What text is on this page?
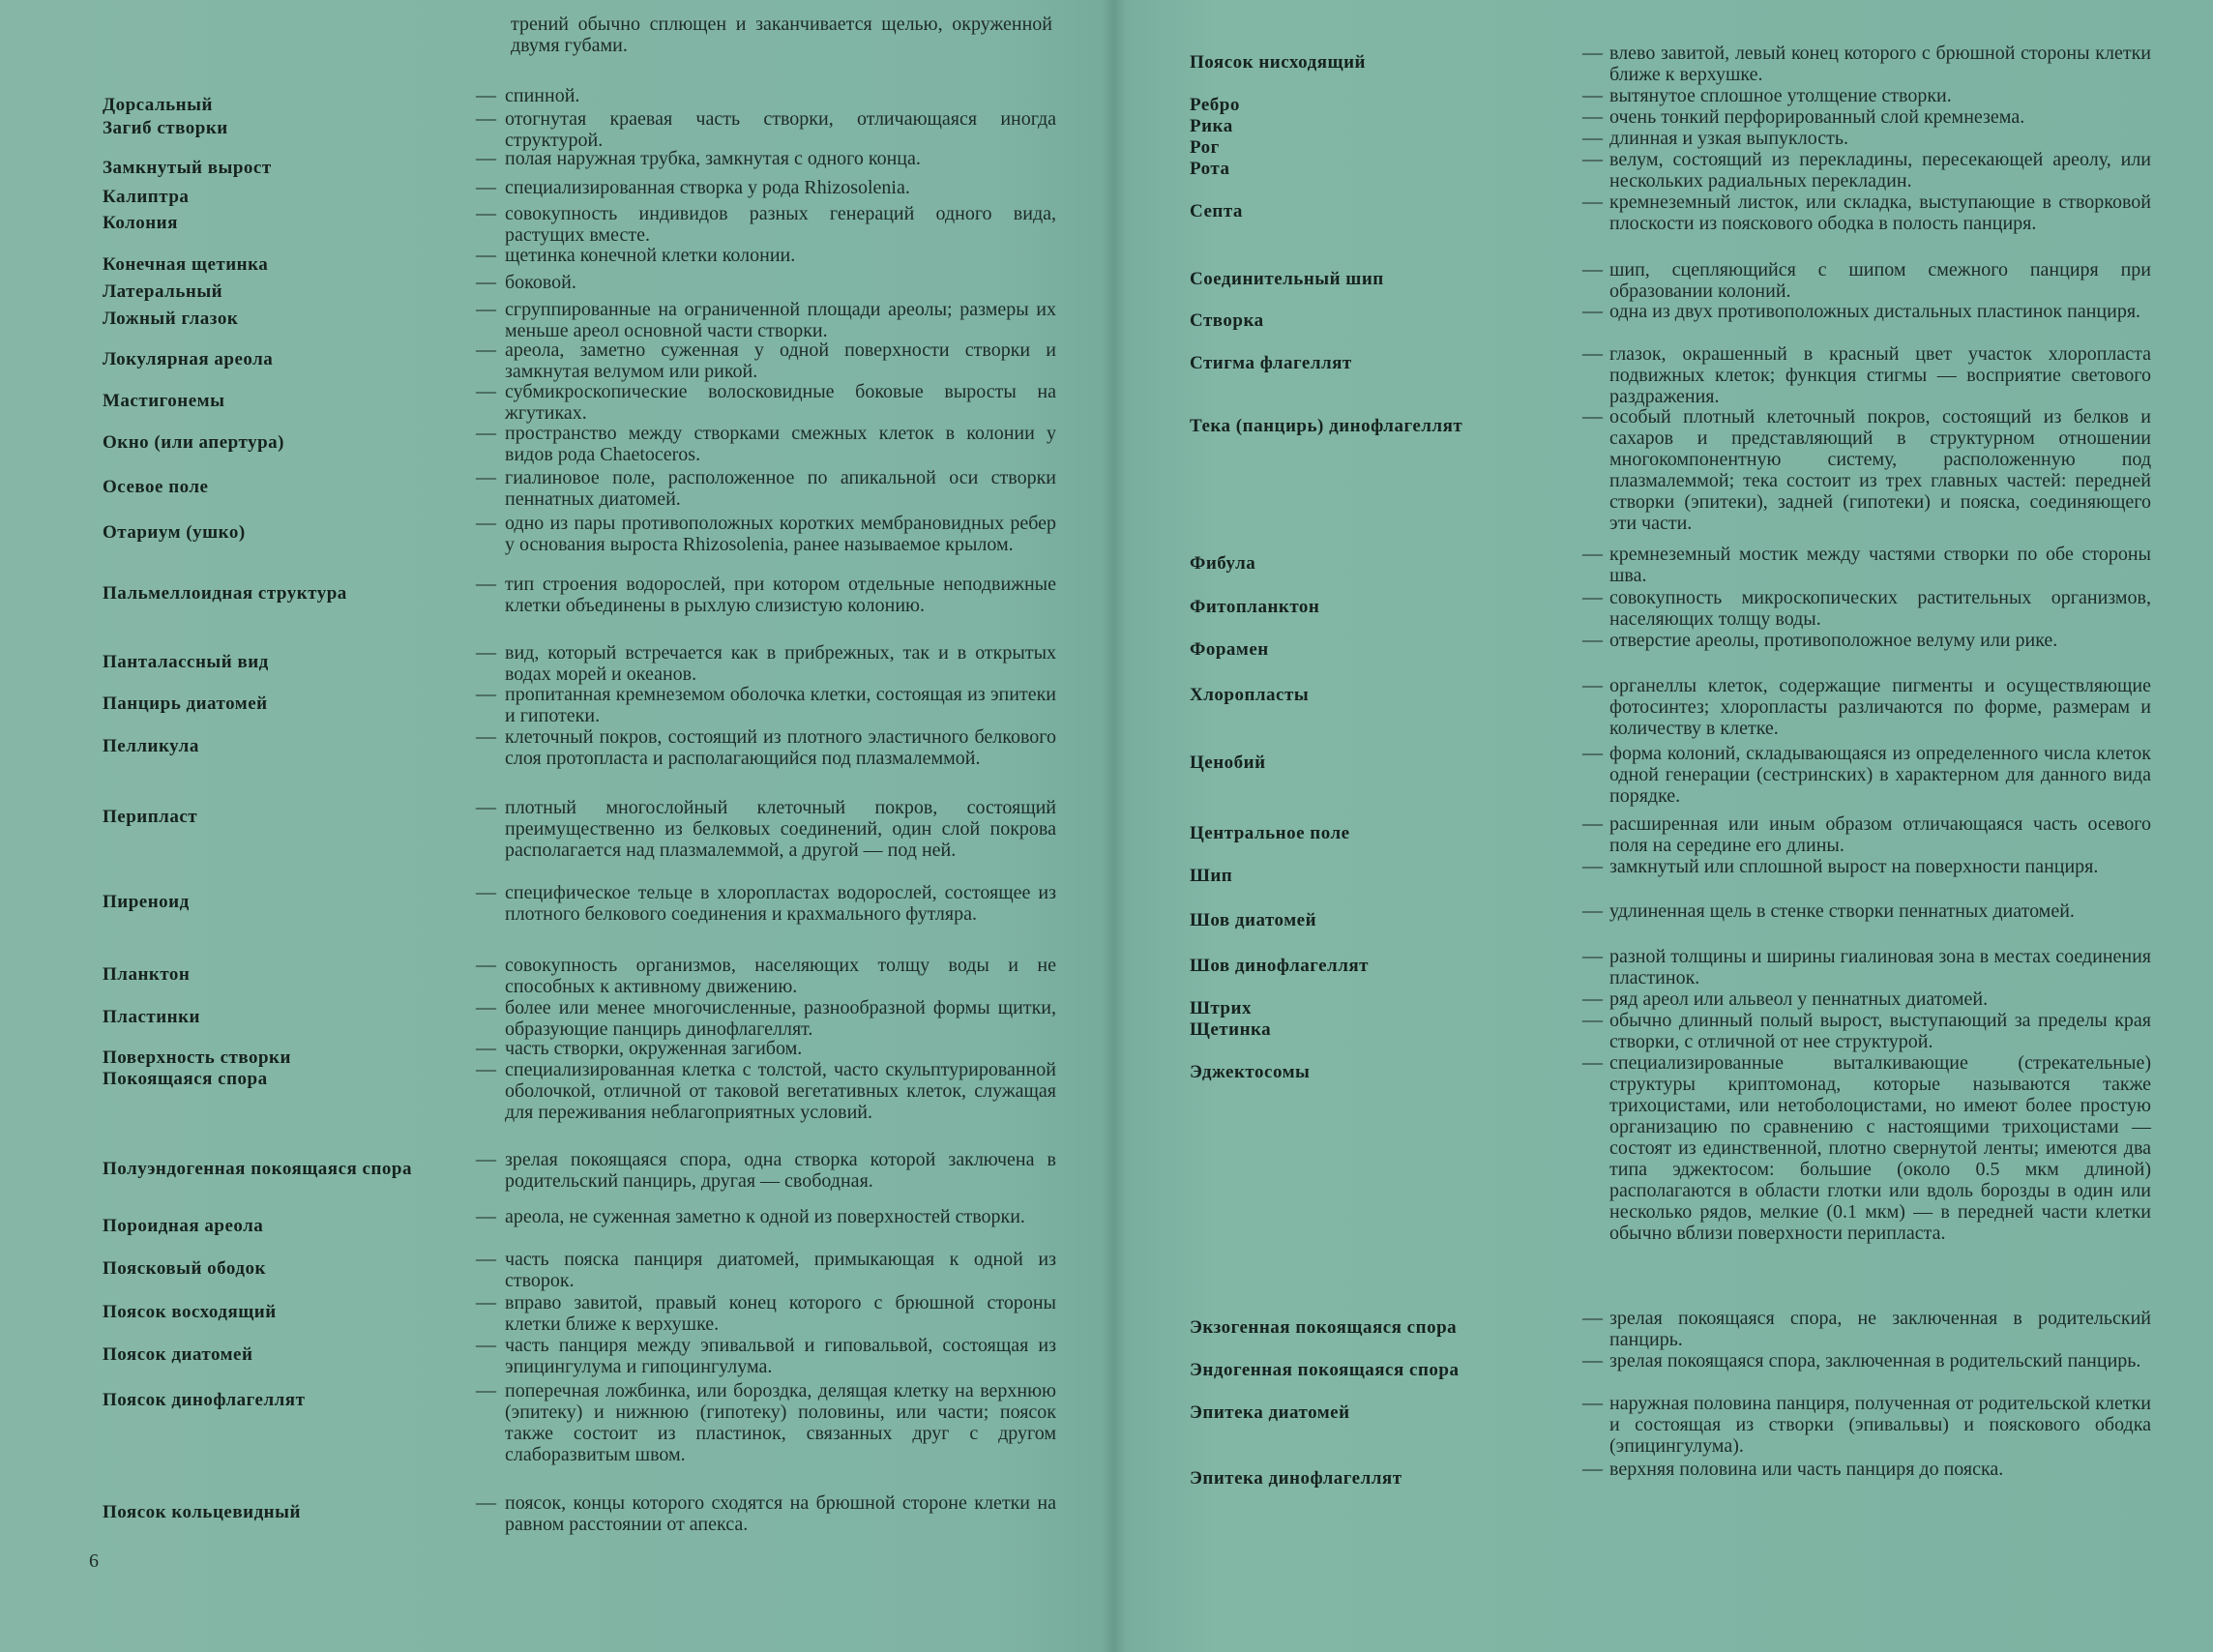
трений обычно сплющен и заканчивается щелью, окруженной двумя губами.
Дорсальный	— спинной.
Загиб створки	— отогнутая краевая часть створки, отличающаяся иногда структурой.
Замкнутый вырост	— полая наружная трубка, замкнутая с одного конца.
Калиптра	— специализированная створка у рода Rhizosolenia.
Колония	— совокупность индивидов разных генераций одного вида, растущих вместе.
Конечная щетинка	— щетинка конечной клетки колонии.
Латеральный	— боковой.
Ложный глазок	— сгруппированные на ограниченной площади ареолы; размеры их меньше ареол основной части створки.
Локулярная ареола	— ареола, заметно суженная у одной поверхности створки и замкнутая велумом или рикой.
Мастигонемы	— субмикроскопические волосковидные боковые выросты на жгутиках.
Окно (или апертура)	— пространство между створками смежных клеток в колонии у видов рода Chaetoceros.
Осевое поле	— гиалиновое поле, расположенное по апикальной оси створки пеннатных диатомей.
Отариум (ушко)	— одно из пары противоположных коротких мембрановидных ребер у основания выроста Rhizosolenia, ранее называемое крылом.
Пальмеллоидная структура	— тип строения водорослей, при котором отдельные неподвижные клетки объединены в рыхлую слизистую колонию.
Панталассный вид	— вид, который встречается как в прибрежных, так и в открытых водах морей и океанов.
Панцирь диатомей	— пропитанная кремнеземом оболочка клетки, состоящая из эпитеки и гипотеки.
Пелликула	— клеточный покров, состоящий из плотного эластичного белкового слоя протопласта и располагающийся под плазмалеммой.
Перипласт	— плотный многослойный клеточный покров, состоящий преимущественно из белковых соединений, один слой покрова располагается над плазмалеммой, а другой — под ней.
Пиреноид	— специфическое тельце в хлоропластах водорослей, состоящее из плотного белкового соединения и крахмального футляра.
Планктон	— совокупность организмов, населяющих толщу воды и не способных к активному движению.
Пластинки	— более или менее многочисленные, разнообразной формы щитки, образующие панцирь динофлагеллят.
Поверхность створки	— часть створки, окруженная загибом.
Покоящаяся спора	— специализированная клетка с толстой, часто скульптурированной оболочкой, отличной от таковой вегетативных клеток, служащая для переживания неблагоприятных условий.
Полуэндогенная покоящаяся спора	— зрелая покоящаяся спора, одна створка которой заключена в родительский панцирь, другая — свободная.
Пороидная ареола	— ареола, не суженная заметно к одной из поверхностей створки.
Поясковый ободок	— часть пояска панциря диатомей, примыкающая к одной из створок.
Поясок восходящий	— вправо завитой, правый конец которого с брюшной стороны клетки ближе к верхушке.
Поясок диатомей	— часть панциря между эпивальвой и гиповальвой, состоящая из эпицингулума и гипоцингулума.
Поясок динофлагеллят	— поперечная ложбинка, или бороздка, делящая клетку на верхнюю (эпитеку) и нижнюю (гипотеку) половины, или части; поясок также состоит из пластинок, связанных друг с другом слаборазвитым швом.
Поясок кольцевидный	— поясок, концы которого сходятся на брюшной стороне клетки на равном расстоянии от апекса.
Поясок нисходящий	— влево завитой, левый конец которого с брюшной стороны клетки ближе к верхушке.
Ребро	— вытянутое сплошное утолщение створки.
Рика	— очень тонкий перфорированный слой кремнезема.
Рог	— длинная и узкая выпуклость.
Рота	— велум, состоящий из перекладины, пересекающей ареолу, или нескольких радиальных перекладин.
Септа	— кремнеземный листок, или складка, выступающие в створковой плоскости из пояскового ободка в полость панциря.
Соединительный шип	— шип, сцепляющийся с шипом смежного панциря при образовании колоний.
Створка	— одна из двух противоположных дистальных пластинок панциря.
Стигма флагеллят	— глазок, окрашенный в красный цвет участок хлоропласта подвижных клеток; функция стигмы — восприятие светового раздражения.
Тека (панцирь) динофлагеллят	— особый плотный клеточный покров, состоящий из белков и сахаров и представляющий в структурном отношении многокомпонентную систему, расположенную под плазмалеммой; тека состоит из трех главных частей: передней створки (эпитеки), задней (гипотеки) и пояска, соединяющего эти части.
Фибула	— кремнеземный мостик между частями створки по обе стороны шва.
Фитопланктон	— совокупность микроскопических растительных организмов, населяющих толщу воды.
Форамен	— отверстие ареолы, противоположное велуму или рике.
Хлоропласты	— органеллы клеток, содержащие пигменты и осуществляющие фотосинтез; хлоропласты различаются по форме, размерам и количеству в клетке.
Ценобий	— форма колоний, складывающаяся из определенного числа клеток одной генерации (сестринских) в характерном для данного вида порядке.
Центральное поле	— расширенная или иным образом отличающаяся часть осевого поля на середине его длины.
Шип	— замкнутый или сплошной вырост на поверхности панциря.
Шов диатомей	— удлиненная щель в стенке створки пеннатных диатомей.
Шов динофлагеллят	— разной толщины и ширины гиалиновая зона в местах соединения пластинок.
Штрих	— ряд ареол или альвеол у пеннатных диатомей.
Щетинка	— обычно длинный полый вырост, выступающий за пределы края створки, с отличной от нее структурой.
Эджектосомы	— специализированные выталкивающие (стрекательные) структуры криптомонад, которые называются также трихоцистами, или нетоболоцистами, но имеют более простую организацию по сравнению с настоящими трихоцистами — состоят из единственной, плотно свернутой ленты; имеются два типа эджектосом: большие (около 0.5 мкм длиной) располагаются в области глотки или вдоль борозды в один или несколько рядов, мелкие (0.1 мкм) — в передней части клетки обычно вблизи поверхности перипласта.
Экзогенная покоящаяся спора	— зрелая покоящаяся спора, не заключенная в родительский панцирь.
Эндогенная покоящаяся спора	— зрелая покоящаяся спора, заключенная в родительский панцирь.
Эпитека диатомей	— наружная половина панциря, полученная от родительской клетки и состоящая из створки (эпивальвы) и пояскового ободка (эпицингулума).
Эпитека динофлагеллят	— верхняя половина или часть панциря до пояска.
6
